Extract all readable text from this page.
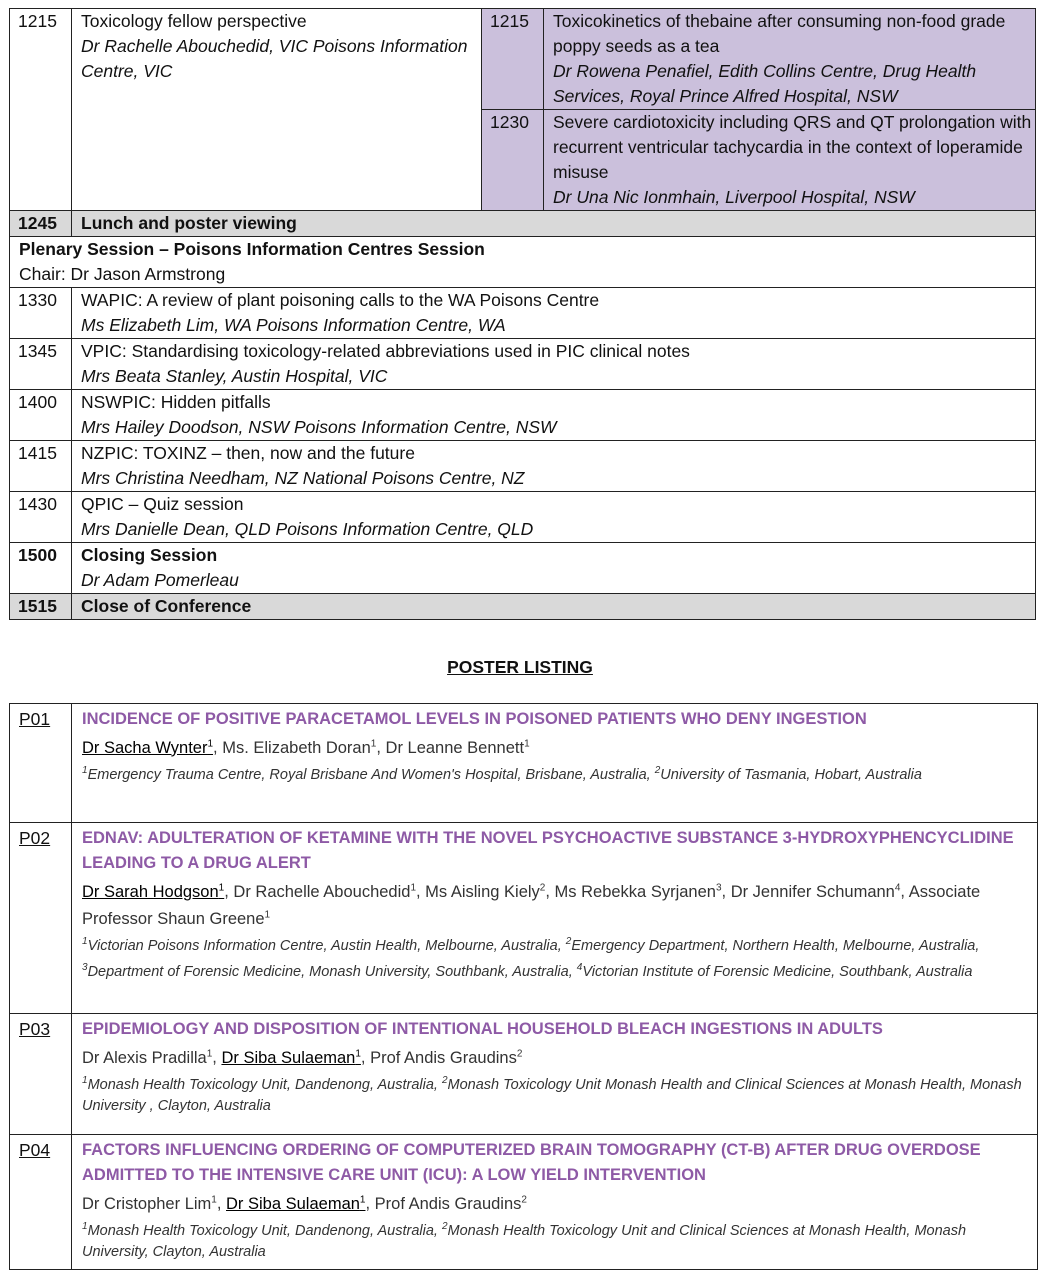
1215	Toxicology fellow perspective
Dr Rachelle Abouchedid, VIC Poisons Information Centre, VIC	1215	Toxicokinetics of thebaine after consuming non-food grade poppy seeds as a tea
Dr Rowena Penafiel, Edith Collins Centre, Drug Health Services, Royal Prince Alfred Hospital, NSW

		1230	Severe cardiotoxicity including QRS and QT prolongation with recurrent ventricular tachycardia in the context of loperamide misuse
Dr Una Nic Ionmhain, Liverpool Hospital, NSW

1245	Lunch and poster viewing		

Plenary Session – Poisons Information Centres Session
Chair: Dr Jason Armstrong			

1330	WAPIC: A review of plant poisoning calls to the WA Poisons Centre
Ms Elizabeth Lim, WA Poisons Information Centre, WA		

1345	VPIC: Standardising toxicology-related abbreviations used in PIC clinical notes
Mrs Beata Stanley, Austin Hospital, VIC		

1400	NSWPIC: Hidden pitfalls
Mrs Hailey Doodson, NSW Poisons Information Centre, NSW		

1415	NZPIC: TOXINZ – then, now and the future
Mrs Christina Needham, NZ National Poisons Centre, NZ		

1430	QPIC – Quiz session
Mrs Danielle Dean, QLD Poisons Information Centre, QLD		

1500	Closing Session
Dr Adam Pomerleau		

1515	Close of Conference		
POSTER LISTING
P01	INCIDENCE OF POSITIVE PARACETAMOL LEVELS IN POISONED PATIENTS WHO DENY INGESTION
Dr Sacha Wynter$^1$, Ms. Elizabeth Doran$^1$, Dr Leanne Bennett$^1$
$^1$Emergency Trauma Centre, Royal Brisbane And Women's Hospital, Brisbane, Australia, $^2$University of Tasmania, Hobart, Australia

P02	EDNAV: ADULTERATION OF KETAMINE WITH THE NOVEL PSYCHOACTIVE SUBSTANCE 3-HYDROXYPHENCYCLIDINE LEADING TO A DRUG ALERT
Dr Sarah Hodgson$^1$, Dr Rachelle Abouchedid$^1$, Ms Aisling Kiely$^2$, Ms Rebekka Syrjanen$^3$, Dr Jennifer Schumann$^4$, Associate Professor Shaun Greene$^1$
$^1$Victorian Poisons Information Centre, Austin Health, Melbourne, Australia, $^2$Emergency Department, Northern Health, Melbourne, Australia, $^3$Department of Forensic Medicine, Monash University, Southbank, Australia, $^4$Victorian Institute of Forensic Medicine, Southbank, Australia

P03	EPIDEMIOLOGY AND DISPOSITION OF INTENTIONAL HOUSEHOLD BLEACH INGESTIONS IN ADULTS
Dr Alexis Pradilla$^1$, Dr Siba Sulaeman$^1$, Prof Andis Graudins$^2$
$^1$Monash Health Toxicology Unit, Dandenong, Australia, $^2$Monash Toxicology Unit Monash Health and Clinical Sciences at Monash Health, Monash University , Clayton, Australia

P04	FACTORS INFLUENCING ORDERING OF COMPUTERIZED BRAIN TOMOGRAPHY (CT-B) AFTER DRUG OVERDOSE ADMITTED TO THE INTENSIVE CARE UNIT (ICU): A LOW YIELD INTERVENTION
Dr Cristopher Lim$^1$, Dr Siba Sulaeman$^1$, Prof Andis Graudins$^2$
$^1$Monash Health Toxicology Unit, Dandenong, Australia, $^2$Monash Health Toxicology Unit and Clinical Sciences at Monash Health, Monash University, Clayton, Australia
